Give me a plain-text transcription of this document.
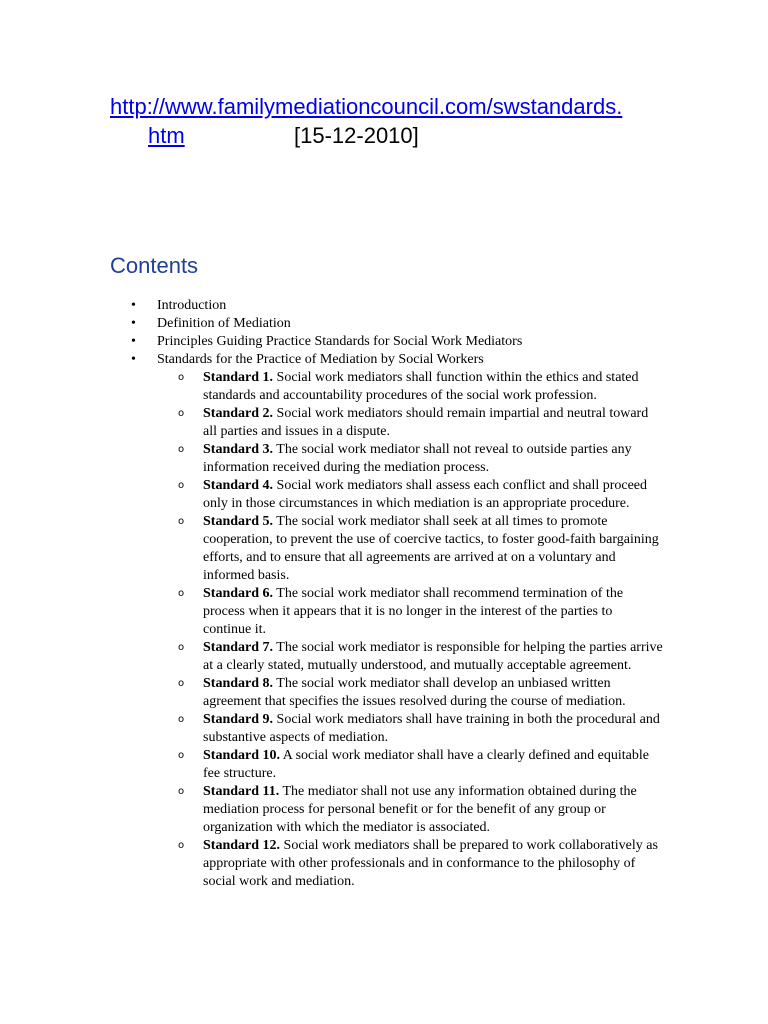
http://www.familymediationcouncil.com/swstandards.
htm	[15-12-2010]

Contents
• Introduction
• Definition of Mediation
• Principles Guiding Practice Standards for Social Work Mediators
• Standards for the Practice of Mediation by Social Workers
o Standard 1. Social work mediators shall function within the ethics and stated standards and accountability procedures of the social work profession.
o Standard 2. Social work mediators should remain impartial and neutral toward all parties and issues in a dispute.
o Standard 3. The social work mediator shall not reveal to outside parties any information received during the mediation process.
o Standard 4. Social work mediators shall assess each conflict and shall proceed only in those circumstances in which mediation is an appropriate procedure.
o Standard 5. The social work mediator shall seek at all times to promote cooperation, to prevent the use of coercive tactics, to foster good-faith bargaining efforts, and to ensure that all agreements are arrived at on a voluntary and informed basis.
o Standard 6. The social work mediator shall recommend termination of the process when it appears that it is no longer in the interest of the parties to continue it.
o Standard 7. The social work mediator is responsible for helping the parties arrive at a clearly stated, mutually understood, and mutually acceptable agreement.
o Standard 8. The social work mediator shall develop an unbiased written agreement that specifies the issues resolved during the course of mediation.
o Standard 9. Social work mediators shall have training in both the procedural and substantive aspects of mediation.
o Standard 10. A social work mediator shall have a clearly defined and equitable fee structure.
o Standard 11. The mediator shall not use any information obtained during the mediation process for personal benefit or for the benefit of any group or organization with which the mediator is associated.
o Standard 12. Social work mediators shall be prepared to work collaboratively as appropriate with other professionals and in conformance to the philosophy of social work and mediation.
